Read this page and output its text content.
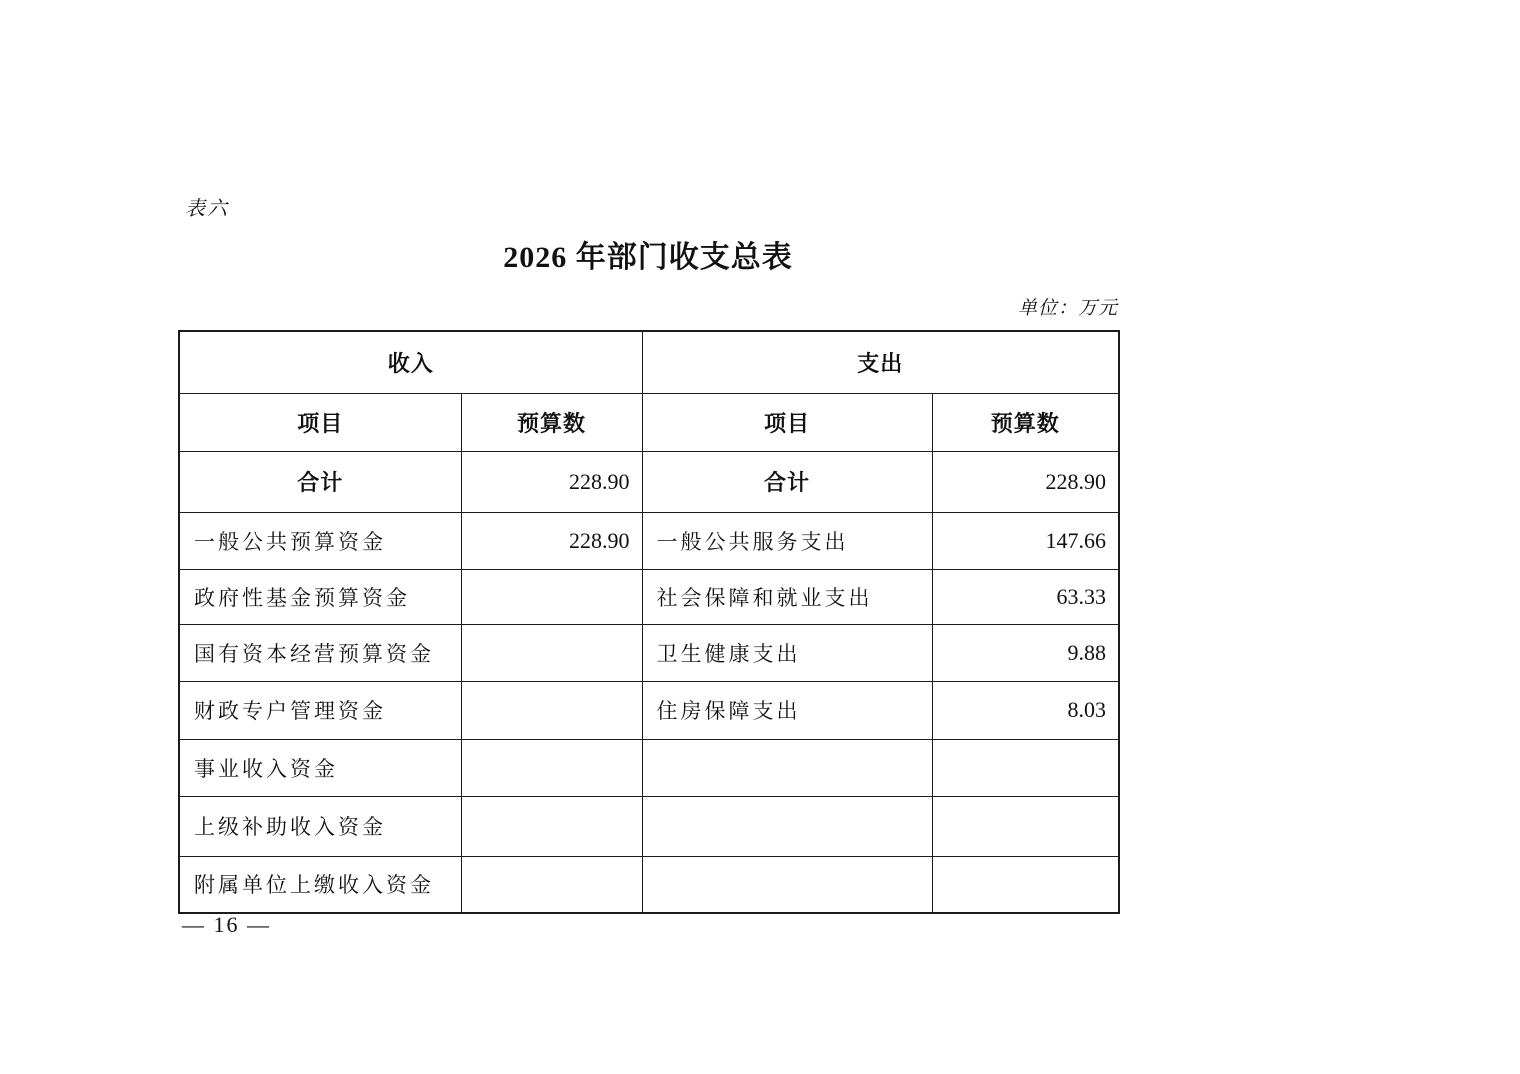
表六
2026 年部门收支总表
单位：万元
收入		支出	
项目	预算数	项目	预算数
合计	228.90	合计	228.90
一般公共预算资金	228.90	一般公共服务支出	147.66
政府性基金预算资金		社会保障和就业支出	63.33
国有资本经营预算资金		卫生健康支出	9.88
财政专户管理资金		住房保障支出	8.03
事业收入资金			
上级补助收入资金			
附属单位上缴收入资金			
— 16 —
